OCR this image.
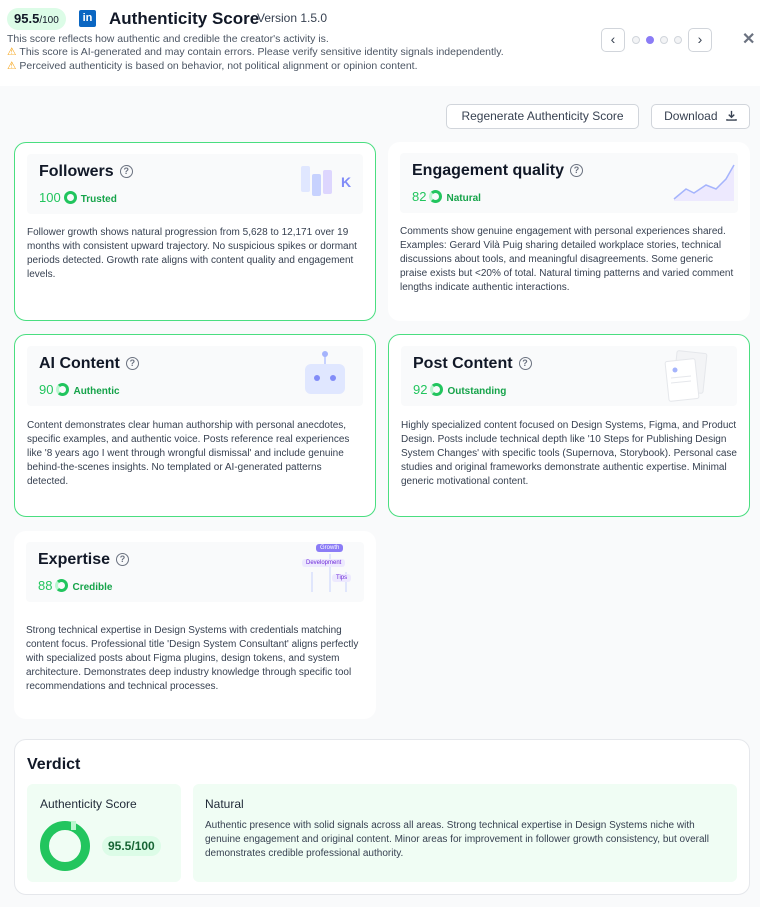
95.5/100	in Authenticity Score
Version 1.5.0
This score reflects how authentic and credible the creator's activity is.
⚠ This score is AI-generated and may contain errors. Please verify sensitive identity signals independently.
⚠ Perceived authenticity is based on behavior, not political alignment or opinion content.
‹	›	✕
Regenerate Authenticity Score	Download
Followers ?
100 Trusted
K
Follower growth shows natural progression from 5,628 to 12,171 over 19 months with consistent upward trajectory. No suspicious spikes or dormant periods detected. Growth rate aligns with content quality and engagement levels.
Engagement quality ?
82 Natural
Comments show genuine engagement with personal experiences shared. Examples: Gerard Vilà Puig sharing detailed workplace stories, technical discussions about tools, and meaningful disagreements. Some generic praise exists but <20% of total. Natural timing patterns and varied comment lengths indicate authentic interactions.
AI Content ?
90 Authentic
Content demonstrates clear human authorship with personal anecdotes, specific examples, and authentic voice. Posts reference real experiences like '8 years ago I went through wrongful dismissal' and include genuine behind-the-scenes insights. No templated or AI-generated patterns detected.
Post Content ?
92 Outstanding
Highly specialized content focused on Design Systems, Figma, and Product Design. Posts include technical depth like '10 Steps for Publishing Design System Changes' with specific tools (Supernova, Storybook). Personal case studies and original frameworks demonstrate authentic expertise. Minimal generic motivational content.
Expertise ?
88 Credible
Growth
Development
Tips
Strong technical expertise in Design Systems with credentials matching content focus. Professional title 'Design System Consultant' aligns perfectly with specialized posts about Figma plugins, design tokens, and system architecture. Demonstrates deep industry knowledge through specific tool recommendations and technical processes.
Verdict
Authenticity Score
95.5/100
Natural
Authentic presence with solid signals across all areas. Strong technical expertise in Design Systems niche with genuine engagement and original content. Minor areas for improvement in follower growth consistency, but overall demonstrates credible professional authority.
